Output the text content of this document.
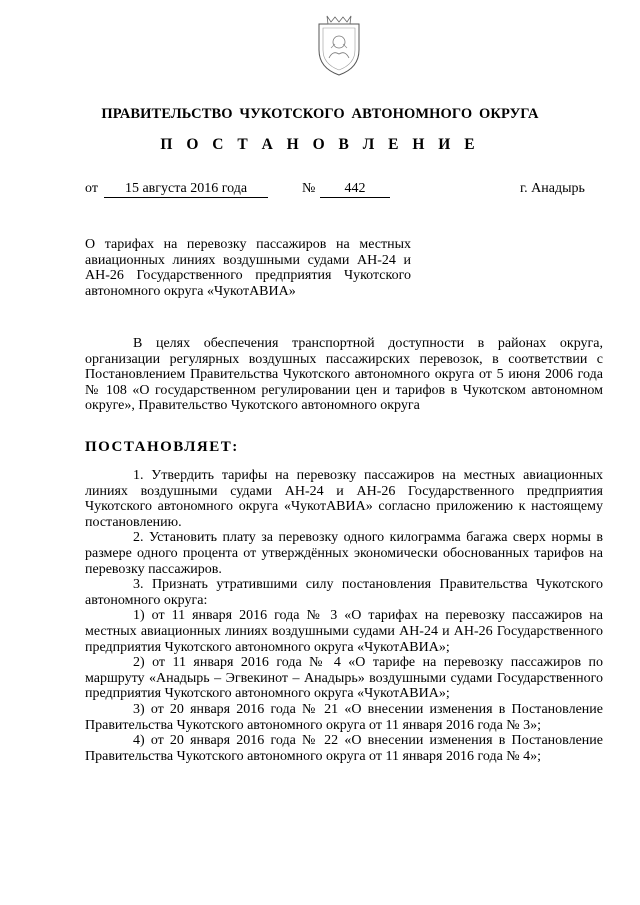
ПРАВИТЕЛЬСТВО ЧУКОТСКОГО АВТОНОМНОГО ОКРУГА
П О С Т А Н О В Л Е Н И Е
от	15 августа 2016 года	№	442	г. Анадырь
О тарифах на перевозку пассажиров на местных авиационных линиях воздушными судами АН-24 и АН-26 Государственного предприятия Чукотского автономного округа «ЧукотАВИА»
В целях обеспечения транспортной доступности в районах округа, организации регулярных воздушных пассажирских перевозок, в соответствии с Постановлением Правительства Чукотского автономного округа от 5 июня 2006 года № 108 «О государственном регулировании цен и тарифов в Чукотском автономном округе», Правительство Чукотского автономного округа
ПОСТАНОВЛЯЕТ:

1. Утвердить тарифы на перевозку пассажиров на местных авиационных линиях воздушными судами АН-24 и АН-26 Государственного предприятия Чукотского автономного округа «ЧукотАВИА» согласно приложению к настоящему постановлению.

2. Установить плату за перевозку одного килограмма багажа сверх нормы в размере одного процента от утверждённых экономически обоснованных тарифов на перевозку пассажиров.

3. Признать утратившими силу постановления Правительства Чукотского автономного округа:

1) от 11 января 2016 года № 3 «О тарифах на перевозку пассажиров на местных авиационных линиях воздушными судами АН-24 и АН-26 Государственного предприятия Чукотского автономного округа «ЧукотАВИА»;

2) от 11 января 2016 года № 4 «О тарифе на перевозку пассажиров по маршруту «Анадырь – Эгвекинот – Анадырь» воздушными судами Государственного предприятия Чукотского автономного округа «ЧукотАВИА»;

3) от 20 января 2016 года № 21 «О внесении изменения в Постановление Правительства Чукотского автономного округа от 11 января 2016 года № 3»;

4) от 20 января 2016 года № 22 «О внесении изменения в Постановление Правительства Чукотского автономного округа от 11 января 2016 года № 4»;
